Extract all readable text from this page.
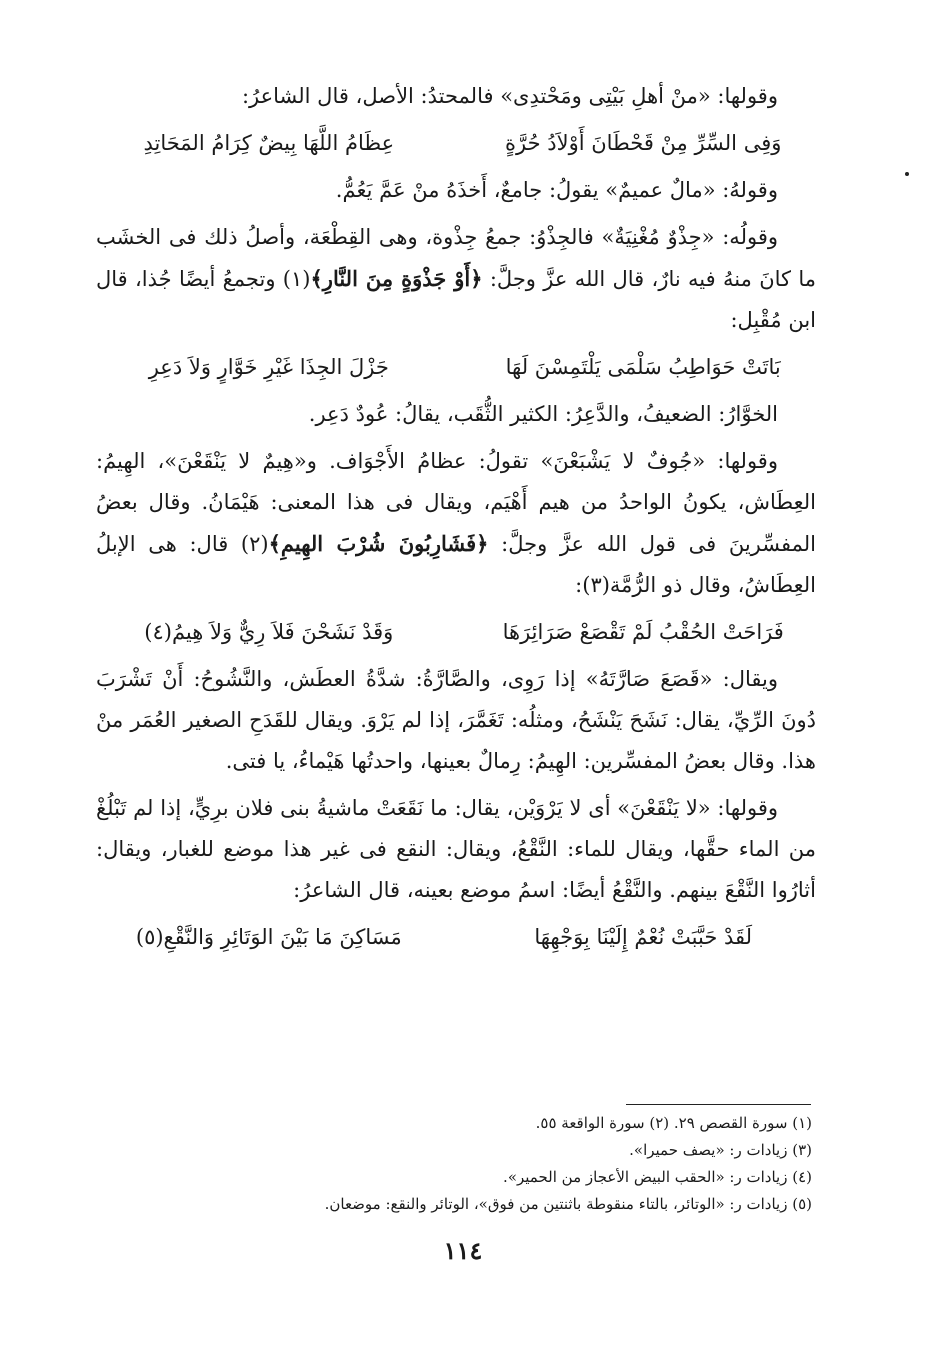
وقولها: «منْ أهلِ بَيْتِى ومَحْتدِى» فالمحتدُ: الأصل، قال الشاعرُ:

وَفِى السِّرِّ مِنْ قَحْطَانَ أَوْلاَدُ حُرَّةٍ
عِظَامُ اللَّهَا بِيضٌ كِرَامُ المَحَاتِدِ

وقولهُ: «مالٌ عميمٌ» يقولُ: جامعٌ، أَخذَهُ منْ عَمَّ يَعُمُّ.

وقولُه: «جِذْوٌ مُغْنِيَةٌ» فالجِذْوُ: جمعُ جِذْوة، وهى القِطْعَة، وأصلُ ذلك فى الخشَب ما كانَ منهُ فيه نارٌ، قال الله عزَّ وجلَّ: ﴿أَوْ جَذْوَةٍ مِنَ النَّارِ﴾(١) وتجمعُ أيضًا جُذا، قال ابن مُقْبِل:

بَاتَتْ حَوَاطِبُ سَلْمَى يَلْتَمِسْنَ لَهَا
جَزْلَ الجِذَا غَيْرِ خَوَّارٍ وَلاَ دَعِرِ

الخوَّارُ: الضعيفُ، والدَّعِرُ: الكثير الثُّقَب، يقالُ: عُودٌ دَعِر.

وقولها: «جُوفٌ لا يَشْبَعْنَ» تقولُ: عظامُ الأَجْوَاف. و«هِيمٌ لا يَنْقَعْنَ»، الهِيمُ: العِطَاش، يكونُ الواحدُ من هيم أَهْيَم، ويقال فى هذا المعنى: هَيْمَانُ. وقال بعضُ المفسِّرينَ فى قول الله عزَّ وجلَّ: ﴿فَشَارِبُونَ شُرْبَ الهِيمِ﴾(٢) قال: هى الإبلُ العِطَاشُ، وقال ذو الرُّمَّة(٣):

فَرَاحَتْ الحُقْبُ لَمْ تَقْصَعْ صَرَائِرَهَا
وَقَدْ نَشَحْنَ فَلاَ رِيٌّ وَلاَ هِيمُ(٤)

ويقال: «قَصَعَ صَارَّتَهُ» إذا رَوِى، والصَّارَّةُ: شدَّةُ العطَش، والنَّشُوحُ: أَنْ تَشْرَبَ دُونَ الرِّيِّ، يقال: نَشَحَ يَنْشَحُ، ومثلُه: تَغَمَّرَ، إذا لم يَرْوَ. ويقال للقَدَحِ الصغير العُمَر منْ هذا. وقال بعضُ المفسِّرين: الهِيمُ: رِمالٌ بعينها، واحدتُها هَيْماءُ، يا فتى.

وقولها: «لا يَنْقَعْنَ» أى لا يَرْوَيْن، يقال: ما نَقَعَتْ ماشيةُ بنى فلان برِيٍّ، إذا لم تَبْلُغْ من الماء حقَّها، ويقال للماء: النَّقْعُ، ويقال: النقع فى غير هذا موضع للغبار، ويقال: أثارُوا النَّقْعَ بينهم. والنَّقْعُ أيضًا: اسمُ موضع بعينه، قال الشاعرُ:

لَقَدْ حَبَّبَتْ نُعْمٌ إِلَيْنَا بِوَجْهِهَا
مَسَاكِنَ مَا بَيْنَ الوَتَائِرِ وَالنَّقْعِ(٥)

(١) سورة القصص ٢٩. (٢) سورة الواقعة ٥٥.

(٣) زيادات ر: «يصف حميرا».

(٤) زيادات ر: «الحقب البيض الأعجاز من الحمير».

(٥) زيادات ر: «الوتائر، بالتاء منقوطة باثنتين من فوق»، الوتائر والنقع: موضعان.

١١٤
